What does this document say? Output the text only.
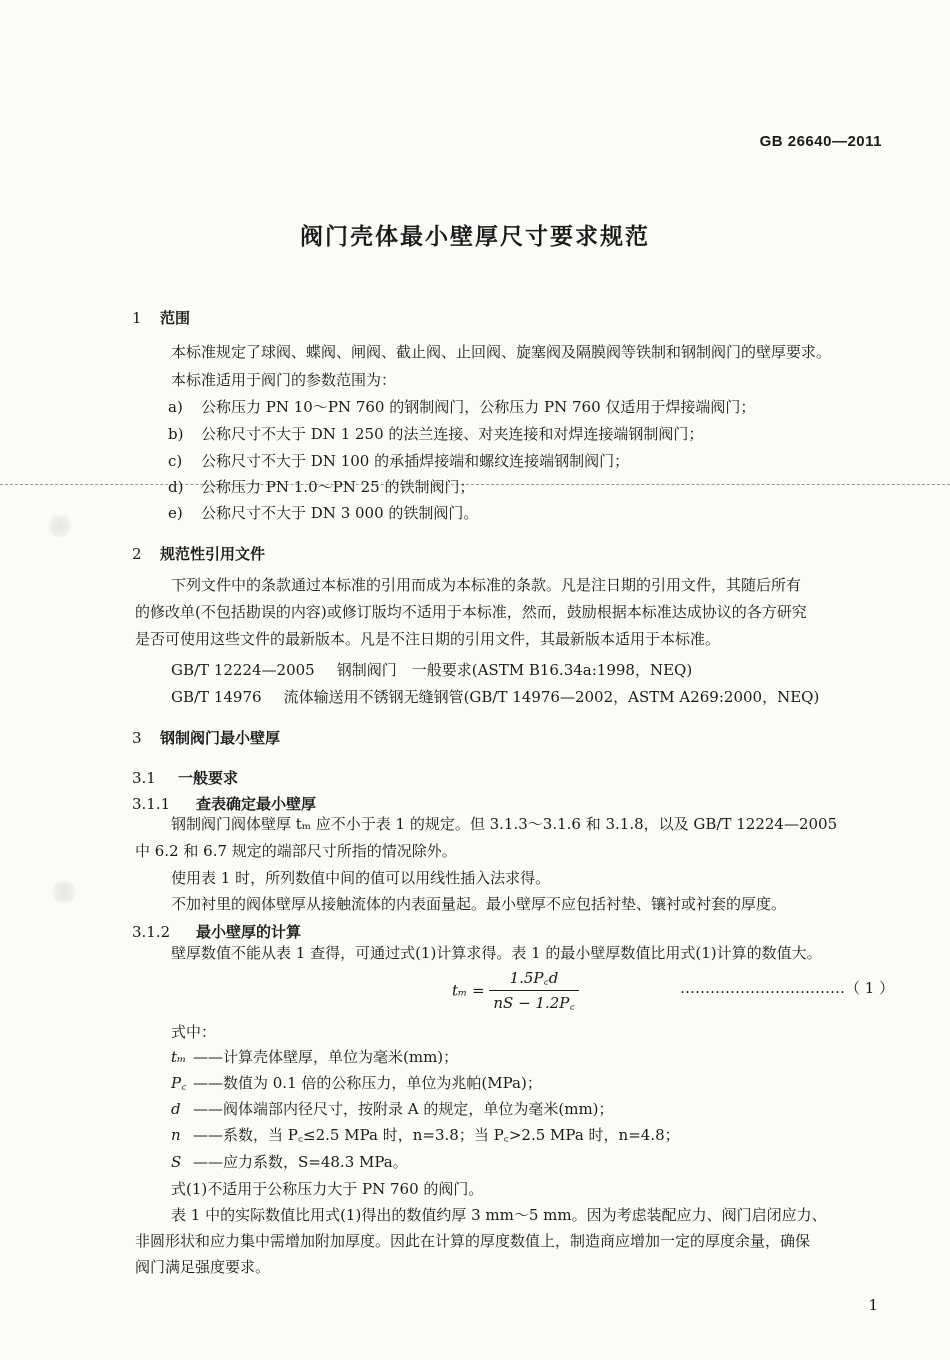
GB 26640—2011
阀门壳体最小壁厚尺寸要求规范
1 范围
本标准规定了球阀、蝶阀、闸阀、截止阀、止回阀、旋塞阀及隔膜阀等铁制和钢制阀门的壁厚要求。
本标准适用于阀门的参数范围为：
a) 公称压力 PN 10～PN 760 的钢制阀门，公称压力 PN 760 仅适用于焊接端阀门；
b) 公称尺寸不大于 DN 1 250 的法兰连接、对夹连接和对焊连接端钢制阀门；
c) 公称尺寸不大于 DN 100 的承插焊接端和螺纹连接端钢制阀门；
d) 公称压力 PN 1.0～PN 25 的铁制阀门；
e) 公称尺寸不大于 DN 3 000 的铁制阀门。
2 规范性引用文件
下列文件中的条款通过本标准的引用而成为本标准的条款。凡是注日期的引用文件，其随后所有
的修改单(不包括勘误的内容)或修订版均不适用于本标准，然而，鼓励根据本标准达成协议的各方研究
是否可使用这些文件的最新版本。凡是不注日期的引用文件，其最新版本适用于本标准。
GB/T 12224—2005 钢制阀门　一般要求(ASTM B16.34a:1998，NEQ)
GB/T 14976 流体输送用不锈钢无缝钢管(GB/T 14976—2002，ASTM A269:2000，NEQ)
3 钢制阀门最小壁厚
3.1 一般要求
3.1.1 查表确定最小壁厚
钢制阀门阀体壁厚 tₘ 应不小于表 1 的规定。但 3.1.3～3.1.6 和 3.1.8，以及 GB/T 12224—2005
中 6.2 和 6.7 规定的端部尺寸所指的情况除外。
使用表 1 时，所列数值中间的值可以用线性插入法求得。
不加衬里的阀体壁厚从接触流体的内表面量起。最小壁厚不应包括衬垫、镶衬或衬套的厚度。
3.1.2 最小壁厚的计算
壁厚数值不能从表 1 查得，可通过式(1)计算求得。表 1 的最小壁厚数值比用式(1)计算的数值大。
$t_m = \frac{1.5P꜀d}{nS - 1.2P꜀}$	……………………………（ 1 ）
式中：
tₘ ——计算壳体壁厚，单位为毫米(mm)；
P꜀ ——数值为 0.1 倍的公称压力，单位为兆帕(MPa)；
d ——阀体端部内径尺寸，按附录 A 的规定，单位为毫米(mm)；
n ——系数，当 P꜀≤2.5 MPa 时，n=3.8；当 P꜀>2.5 MPa 时，n=4.8；
S ——应力系数，S=48.3 MPa。
式(1)不适用于公称压力大于 PN 760 的阀门。
表 1 中的实际数值比用式(1)得出的数值约厚 3 mm～5 mm。因为考虑装配应力、阀门启闭应力、
非圆形状和应力集中需增加附加厚度。因此在计算的厚度数值上，制造商应增加一定的厚度余量，确保
阀门满足强度要求。
1
